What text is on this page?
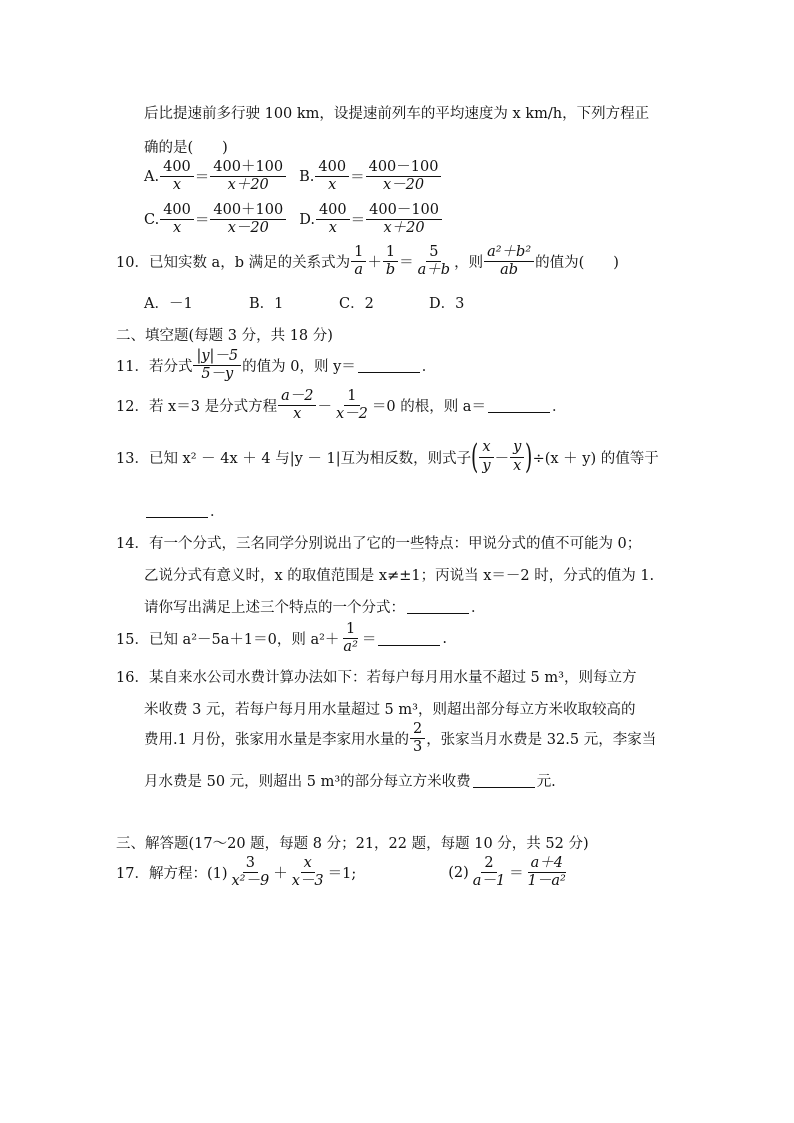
后比提速前多行驶 100 km，设提速前列车的平均速度为 x km/h，下列方程正
确的是(　　)
A. $\frac{400}{x} = \frac{400+100}{x+20} B$. $\frac{400}{x} = \frac{400-100}{x-20}$
C. $\frac{400}{x} = \frac{400+100}{x-20} D$. $\frac{400}{x} = \frac{400-100}{x+20}$
10． 已知实数 a，b 满足的关系式为 $\frac{1}{a} + \frac{1}{b} = \frac{5}{a+b}$ ，则 $\frac{\text{a²＋b²}}{ab}$ 的值为(　　)
A．－1	B．1	C．2	D．3
二、填空题(每题 3 分，共 18 分)
11． 若分式 $\frac{|y|-5}{5-y}$ 的值为 0，则 y＝	．
12． 若 x＝3 是分式方程 $\frac{a-2}{x} - \frac{1}{x-2} =0$ 的根，则 a＝	．
13． 已知 x² － 4x ＋ 4 与|y － 1|互为相反数，则式子 ( $\frac{x}{y} - \frac{y}{x}$ ) ÷(x ＋ y) 的值等于
．
14． 有一个分式，三名同学分别说出了它的一些特点：甲说分式的值不可能为 0；
乙说分式有意义时，x 的取值范围是 x≠±1；丙说当 x＝－2 时，分式的值为 1.
请你写出满足上述三个特点的一个分式：	．
15． 已知 a²－5a＋1＝0，则 $a^2+ \frac{1}{\text{a²}}$ ＝	.
16． 某自来水公司水费计算办法如下：若每户每月用水量不超过 5 m³，则每立方
米收费 3 元，若每户每月用水量超过 5 m³，则超出部分每立方米收取较高的
费用.1 月份，张家用水量是李家用水量的 $\frac{2}{3}$ ，张家当月水费是 32.5 元，李家当
月水费是 50 元，则超出 5 m³的部分每立方米收费	元.
三、解答题(17～20 题，每题 8 分；21，22 题，每题 10 分，共 52 分)
17． 解方程：$(1) \frac{3}{\text{x²－9}} + \frac{x}{x-3} =1$;	$(2) \frac{2}{a-1} = \frac{a+4}{\text{1－a²}}$
